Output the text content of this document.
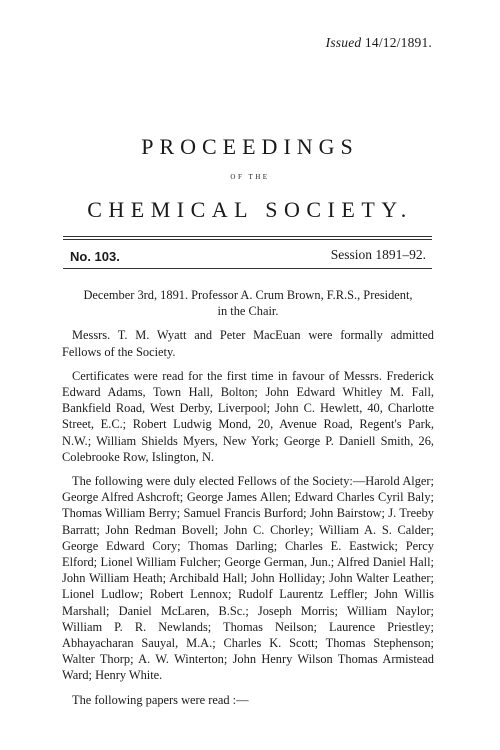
Issued 14/12/1891.
PROCEEDINGS
OF THE
CHEMICAL SOCIETY.
No. 103.	Session 1891–92.

December 3rd, 1891. Professor A. Crum Brown, F.R.S., President,
in the Chair.

Messrs. T. M. Wyatt and Peter MacEuan were formally admitted Fellows of the Society.

Certificates were read for the first time in favour of Messrs. Frederick Edward Adams, Town Hall, Bolton; John Edward Whitley M. Fall, Bankfield Road, West Derby, Liverpool; John C. Hewlett, 40, Charlotte Street, E.C.; Robert Ludwig Mond, 20, Avenue Road, Regent's Park, N.W.; William Shields Myers, New York; George P. Daniell Smith, 26, Colebrooke Row, Islington, N.

The following were duly elected Fellows of the Society:—Harold Alger; George Alfred Ashcroft; George James Allen; Edward Charles Cyril Baly; Thomas William Berry; Samuel Francis Burford; John Bairstow; J. Treeby Barratt; John Redman Bovell; John C. Chorley; William A. S. Calder; George Edward Cory; Thomas Darling; Charles E. Eastwick; Percy Elford; Lionel William Fulcher; George German, Jun.; Alfred Daniel Hall; John William Heath; Archibald Hall; John Holliday; John Walter Leather; Lionel Ludlow; Robert Lennox; Rudolf Laurentz Leffler; John Willis Marshall; Daniel McLaren, B.Sc.; Joseph Morris; William Naylor; William P. R. Newlands; Thomas Neilson; Laurence Priestley; Abhayacharan Sauyal, M.A.; Charles K. Scott; Thomas Stephenson; Walter Thorp; A. W. Winterton; John Henry Wilson Thomas Armistead Ward; Henry White.

The following papers were read :—
